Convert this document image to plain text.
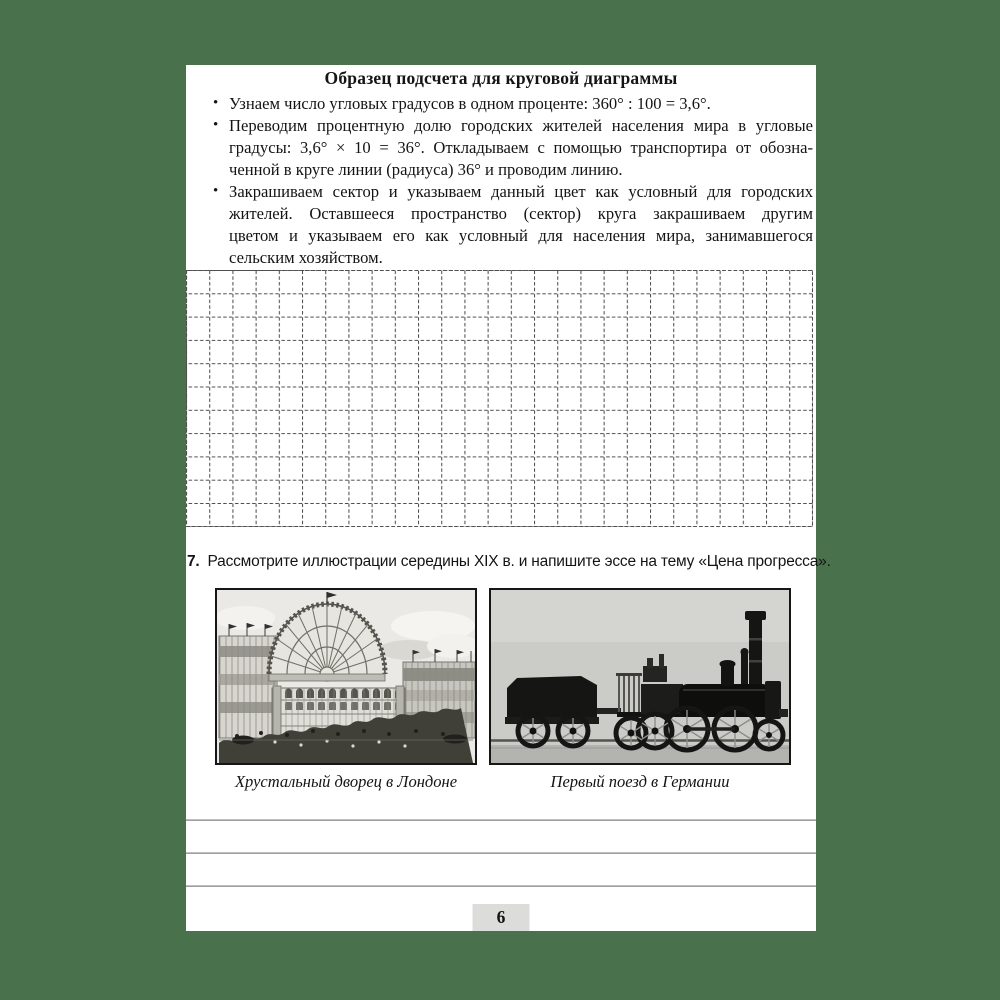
Образец подсчета для круговой диаграммы
• Узнаем число угловых градусов в одном проценте: 360° : 100 = 3,6°.
• Переводим процентную долю городских жителей населения мира в угловые
градусы: 3,6° × 10 = 36°. Откладываем с помощью транспортира от обозна-
ченной в круге линии (радиуса) 36° и проводим линию.
• Закрашиваем сектор и указываем данный цвет как условный для городских
жителей. Оставшееся пространство (сектор) круга закрашиваем другим
цветом и указываем его как условный для населения мира, занимавшегося
сельским хозяйством.
7. Рассмотрите иллюстрации середины XIX в. и напишите эссе на тему «Цена прогресса».
Хрустальный дворец в Лондоне	Первый поезд в Германии
6
